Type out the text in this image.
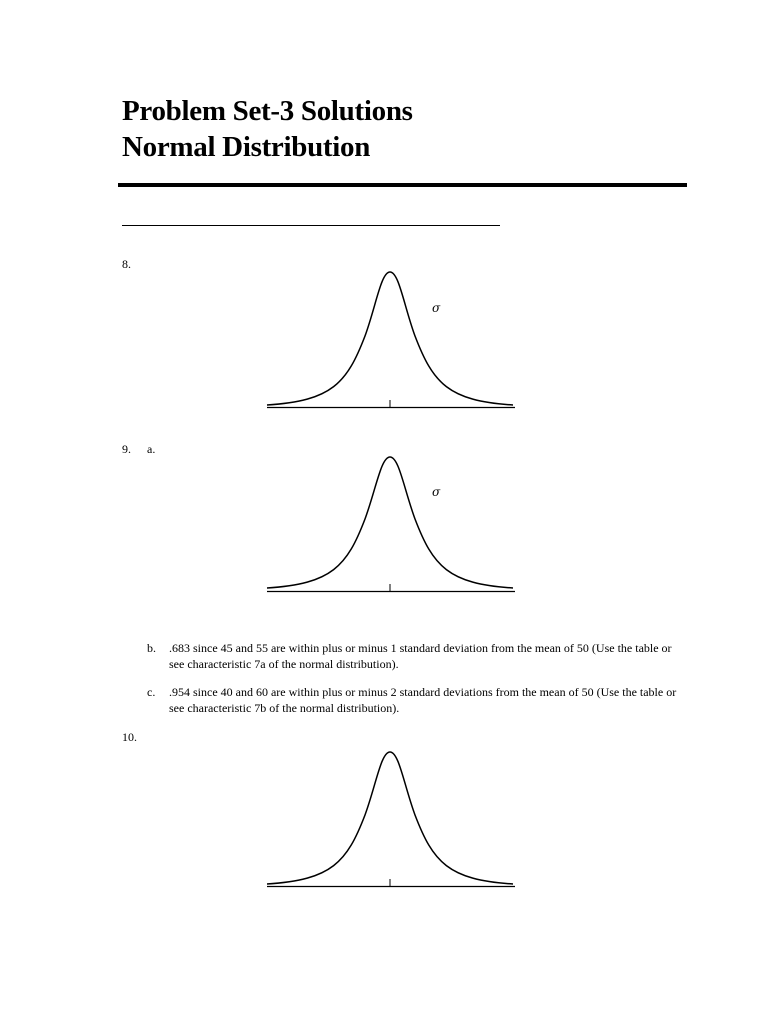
Problem Set-3 Solutions
Normal Distribution
8.
σ
9. a.
σ
b. .683 since 45 and 55 are within plus or minus 1 standard deviation from the mean of 50 (Use the table or see characteristic 7a of the normal distribution).
c. .954 since 40 and 60 are within plus or minus 2 standard deviations from the mean of 50 (Use the table or see characteristic 7b of the normal distribution).
10.
